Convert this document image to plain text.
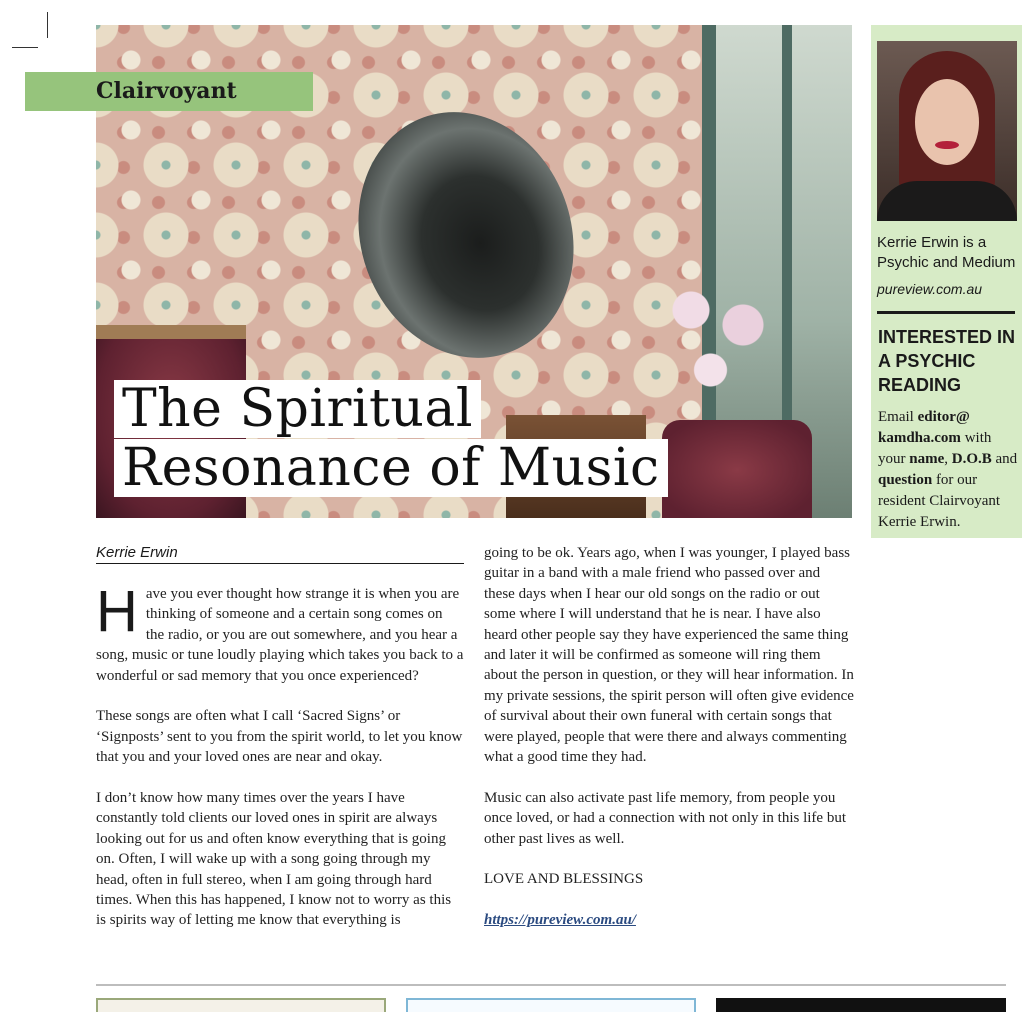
Clairvoyant
The Spiritual
Resonance of Music
Kerrie Erwin is a Psychic and Medium
pureview.com.au
INTERESTED IN A PSYCHIC READING
Email editor@ kamdha.com with your name, D.O.B and question for our resident Clairvoyant Kerrie Erwin.
Kerrie Erwin

Have you ever thought how strange it is when you are thinking of someone and a certain song comes on the radio, or you are out somewhere, and you hear a song, music or tune loudly playing which takes you back to a wonderful or sad memory that you once experienced?

These songs are often what I call ‘Sacred Signs’ or ‘Signposts’ sent to you from the spirit world, to let you know that you and your loved ones are near and okay.

I don’t know how many times over the years I have constantly told clients our loved ones in spirit are always looking out for us and often know everything that is going on. Often, I will wake up with a song going through my head, often in full stereo, when I am going through hard times. When this has happened, I know not to worry as this is spirits way of letting me know that everything is

going to be ok. Years ago, when I was younger, I played bass guitar in a band with a male friend who passed over and these days when I hear our old songs on the radio or out some where I will understand that he is near. I have also heard other people say they have experienced the same thing and later it will be confirmed as someone will ring them about the person in question, or they will hear information. In my private sessions, the spirit person will often give evidence of survival about their own funeral with certain songs that were played, people that were there and always commenting what a good time they had.

Music can also activate past life memory, from people you once loved, or had a connection with not only in this life but other past lives as well.

LOVE AND BLESSINGS

https://pureview.com.au/
